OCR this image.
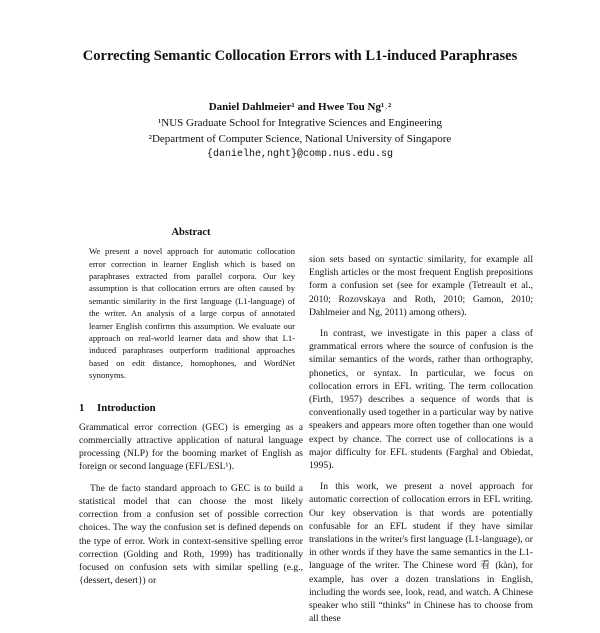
Correcting Semantic Collocation Errors with L1-induced Paraphrases
Daniel Dahlmeier¹ and Hwee Tou Ng¹˒²
¹NUS Graduate School for Integrative Sciences and Engineering
²Department of Computer Science, National University of Singapore
{danielhe,nght}@comp.nus.edu.sg
Abstract
We present a novel approach for automatic collocation error correction in learner English which is based on paraphrases extracted from parallel corpora. Our key assumption is that collocation errors are often caused by semantic similarity in the first language (L1-language) of the writer. An analysis of a large corpus of annotated learner English confirms this assumption. We evaluate our approach on real-world learner data and show that L1-induced paraphrases outperform traditional approaches based on edit distance, homophones, and WordNet synonyms.
1 Introduction

Grammatical error correction (GEC) is emerging as a commercially attractive application of natural language processing (NLP) for the booming market of English as foreign or second language (EFL/ESL¹).

The de facto standard approach to GEC is to build a statistical model that can choose the most likely correction from a confusion set of possible correction choices. The way the confusion set is defined depends on the type of error. Work in context-sensitive spelling error correction (Golding and Roth, 1999) has traditionally focused on confusion sets with similar spelling (e.g., {dessert, desert}) or

sion sets based on syntactic similarity, for example all English articles or the most frequent English prepositions form a confusion set (see for example (Tetreault et al., 2010; Rozovskaya and Roth, 2010; Gamon, 2010; Dahlmeier and Ng, 2011) among others).

In contrast, we investigate in this paper a class of grammatical errors where the source of confusion is the similar semantics of the words, rather than orthography, phonetics, or syntax. In particular, we focus on collocation errors in EFL writing. The term collocation (Firth, 1957) describes a sequence of words that is conventionally used together in a particular way by native speakers and appears more often together than one would expect by chance. The correct use of collocations is a major difficulty for EFL students (Farghal and Obiedat, 1995).

In this work, we present a novel approach for automatic correction of collocation errors in EFL writing. Our key observation is that words are potentially confusable for an EFL student if they have similar translations in the writer's first language (L1-language), or in other words if they have the same semantics in the L1-language of the writer. The Chinese word 看 (kàn), for example, has over a dozen translations in English, including the words see, look, read, and watch. A Chinese speaker who still “thinks” in Chinese has to choose from all these
